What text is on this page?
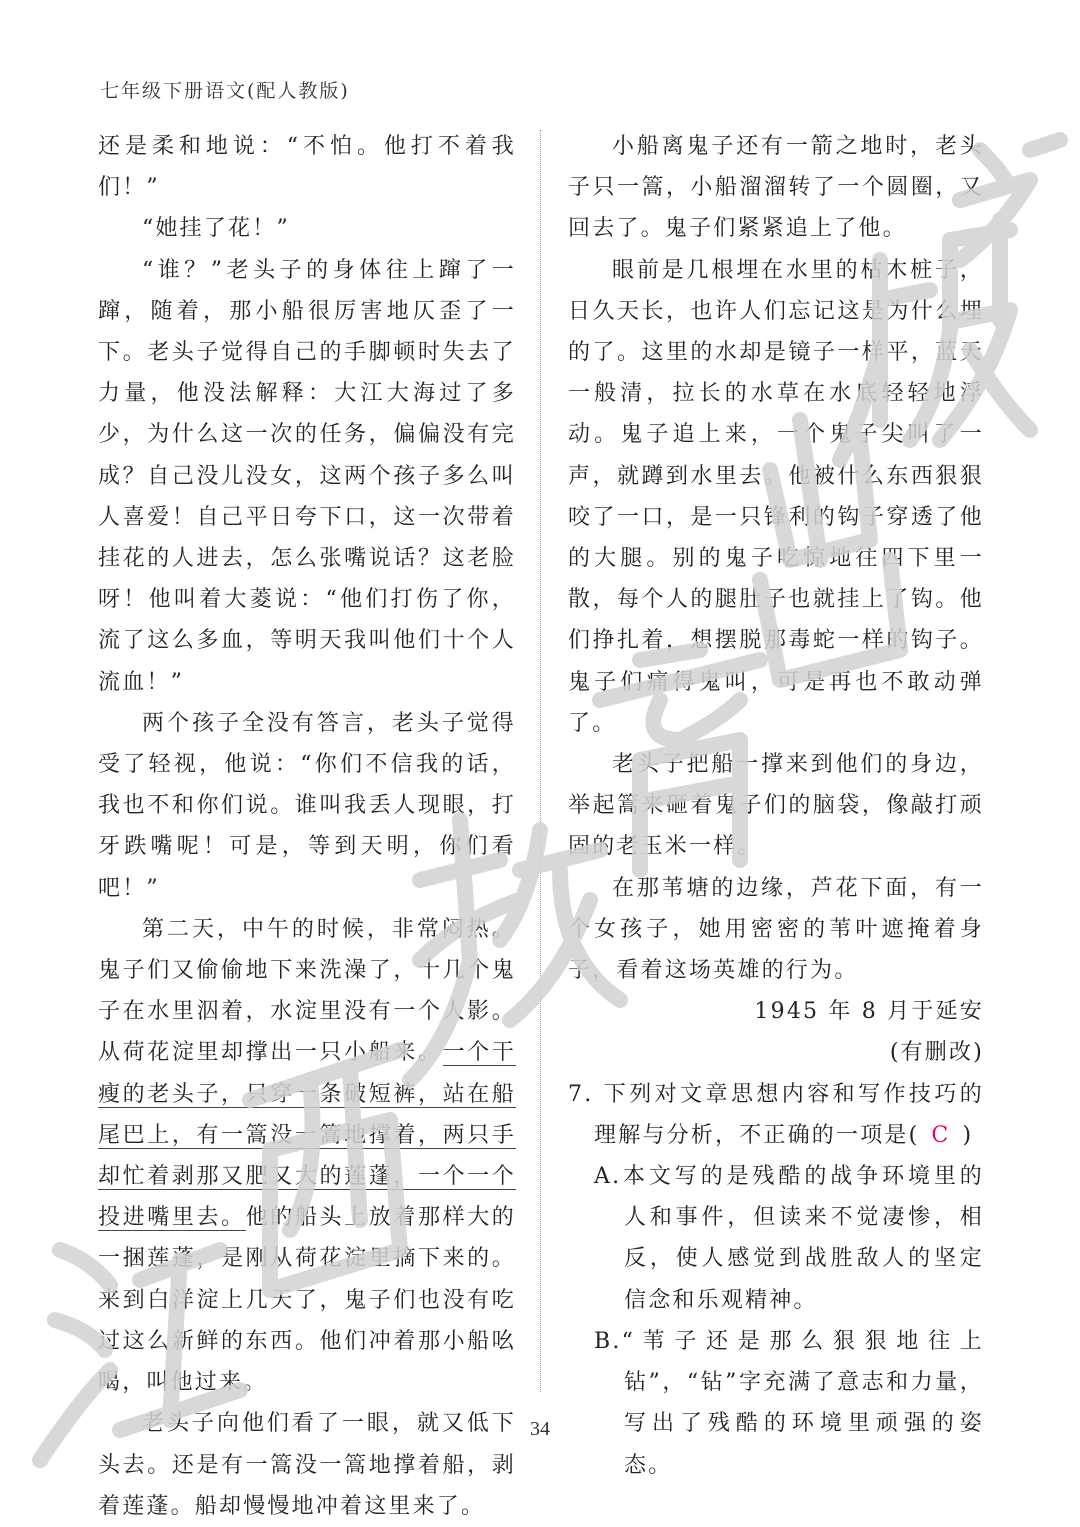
七年级下册语文(配人教版)

还是柔和地说：“不怕。他打不着我们！”

“她挂了花！”

“谁？”老头子的身体往上蹿了一蹿，随着，那小船很厉害地仄歪了一下。老头子觉得自己的手脚顿时失去了力量，他没法解释：大江大海过了多少，为什么这一次的任务，偏偏没有完成？自己没儿没女，这两个孩子多么叫人喜爱！自己平日夸下口，这一次带着挂花的人进去，怎么张嘴说话？这老脸呀！他叫着大菱说：“他们打伤了你，流了这么多血，等明天我叫他们十个人流血！”

两个孩子全没有答言，老头子觉得受了轻视，他说：“你们不信我的话，我也不和你们说。谁叫我丢人现眼，打牙跌嘴呢！可是，等到天明，你们看吧！”

第二天，中午的时候，非常闷热。鬼子们又偷偷地下来洗澡了，十几个鬼子在水里泅着，水淀里没有一个人影。从荷花淀里却撑出一只小船来。一个干瘦的老头子，只穿一条破短裤，站在船尾巴上，有一篙没一篙地撑着，两只手却忙着剥那又肥又大的莲蓬，一个一个投进嘴里去。他的船头上放着那样大的一捆莲蓬，是刚从荷花淀里摘下来的。来到白洋淀上几天了，鬼子们也没有吃过这么新鲜的东西。他们冲着那小船吆喝，叫他过来。

老头子向他们看了一眼，就又低下头去。还是有一篙没一篙地撑着船，剥着莲蓬。船却慢慢地冲着这里来了。

小船离鬼子还有一箭之地时，老头子只一篙，小船溜溜转了一个圆圈，又回去了。鬼子们紧紧追上了他。

眼前是几根埋在水里的枯木桩子，日久天长，也许人们忘记这是为什么埋的了。这里的水却是镜子一样平，蓝天一般清，拉长的水草在水底轻轻地浮动。鬼子追上来，一个鬼子尖叫了一声，就蹲到水里去。他被什么东西狠狠咬了一口，是一只锋利的钩子穿透了他的大腿。别的鬼子吃惊地往四下里一散，每个人的腿肚子也就挂上了钩。他们挣扎着，想摆脱那毒蛇一样的钩子。鬼子们痛得鬼叫，可是再也不敢动弹了。

老头子把船一撑来到他们的身边，举起篙来砸着鬼子们的脑袋，像敲打顽固的老玉米一样。

在那苇塘的边缘，芦花下面，有一个女孩子，她用密密的苇叶遮掩着身子，看着这场英雄的行为。

1945 年 8 月于延安

(有删改)

7. 下列对文章思想内容和写作技巧的理解与分析，不正确的一项是( C )

A.本文写的是残酷的战争环境里的人和事件，但读来不觉凄惨，相反，使人感觉到战胜敌人的坚定信念和乐观精神。

B.“苇子还是那么狠狠地往上钻”，“钻”字充满了意志和力量，写出了残酷的环境里顽强的姿态。

34
